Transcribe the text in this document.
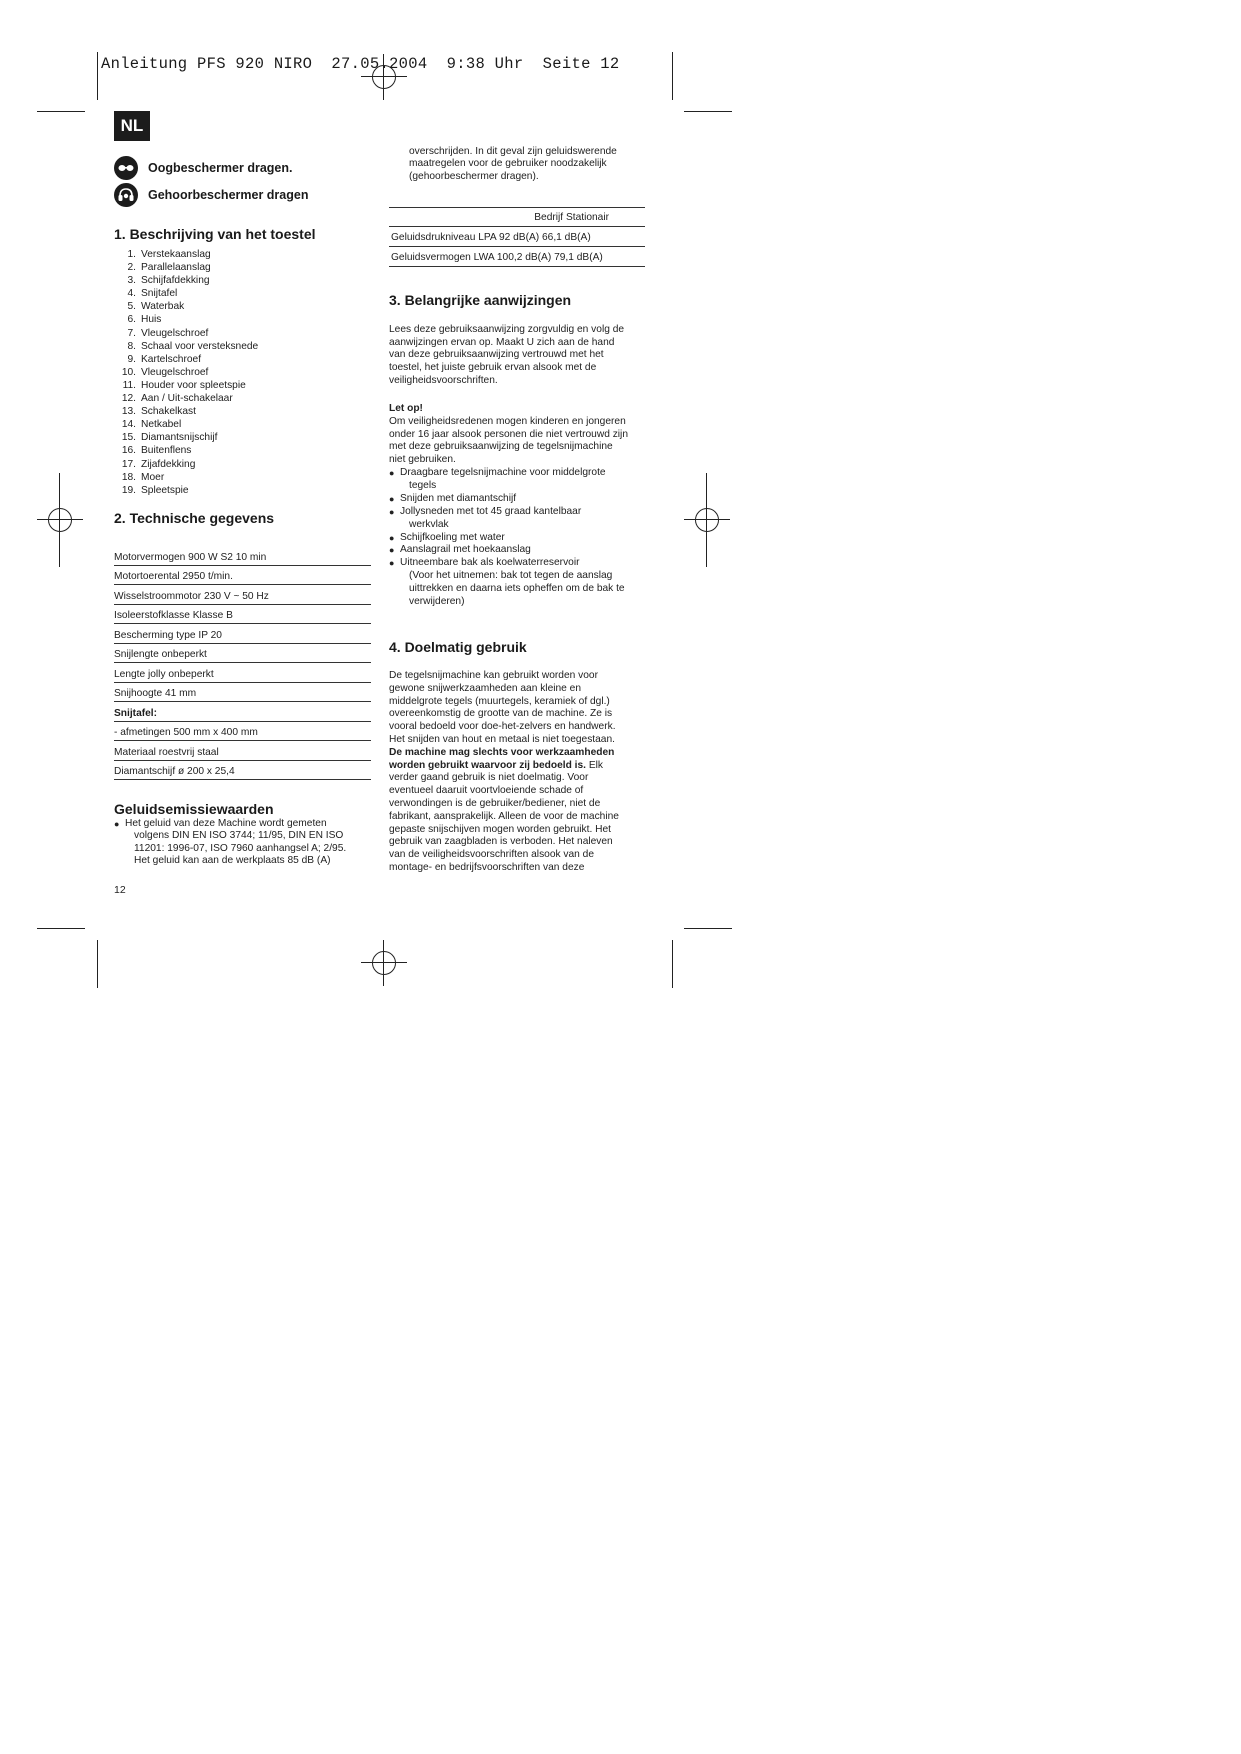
Anleitung PFS 920 NIRO  27.05.2004  9:38 Uhr  Seite 12
NL
Oogbeschermer dragen.
Gehoorbeschermer dragen
1. Beschrijving van het toestel
1. Verstekaanslag
2. Parallelaanslag
3. Schijfafdekking
4. Snijtafel
5. Waterbak
6. Huis
7. Vleugelschroef
8. Schaal voor versteksnede
9. Kartelschroef
10. Vleugelschroef
11. Houder voor spleetspie
12. Aan / Uit-schakelaar
13. Schakelkast
14. Netkabel
15. Diamantsnijschijf
16. Buitenflens
17. Zijafdekking
18. Moer
19. Spleetspie
2. Technische gegevens
Motorvermogen 900 W S2 10 min
Motortoerental 2950 t/min.
Wisselstroommotor 230 V ~ 50 Hz
Isoleerstofklasse Klasse B
Bescherming type IP 20
Snijlengte onbeperkt
Lengte jolly onbeperkt
Snijhoogte 41 mm
Snijtafel:
- afmetingen 500 mm x 400 mm
Materiaal roestvrij staal
Diamantschijf ø 200 x 25,4
Geluidsemissiewaarden
● Het geluid van deze Machine wordt gemeten
volgens DIN EN ISO 3744; 11/95, DIN EN ISO
11201: 1996-07, ISO 7960 aanhangsel A; 2/95.
Het geluid kan aan de werkplaats 85 dB (A)
overschrijden. In dit geval zijn geluidswerende
maatregelen voor de gebruiker noodzakelijk
(gehoorbeschermer dragen).
Bedrijf Stationair
Geluidsdrukniveau LPA 92 dB(A) 66,1 dB(A)
Geluidsvermogen LWA 100,2 dB(A) 79,1 dB(A)
3. Belangrijke aanwijzingen
Lees deze gebruiksaanwijzing zorgvuldig en volg de
aanwijzingen ervan op. Maakt U zich aan de hand
van deze gebruiksaanwijzing vertrouwd met het
toestel, het juiste gebruik ervan alsook met de
veiligheidsvoorschriften.
Let op!
Om veiligheidsredenen mogen kinderen en jongeren
onder 16 jaar alsook personen die niet vertrouwd zijn
met deze gebruiksaanwijzing de tegelsnijmachine
niet gebruiken.
● Draagbare tegelsnijmachine voor middelgrote
tegels
● Snijden met diamantschijf
● Jollysneden met tot 45 graad kantelbaar
werkvlak
● Schijfkoeling met water
● Aanslagrail met hoekaanslag
● Uitneembare bak als koelwaterreservoir
(Voor het uitnemen: bak tot tegen de aanslag
uittrekken en daarna iets opheffen om de bak te
verwijderen)
4. Doelmatig gebruik
De tegelsnijmachine kan gebruikt worden voor
gewone snijwerkzaamheden aan kleine en
middelgrote tegels (muurtegels, keramiek of dgl.)
overeenkomstig de grootte van de machine. Ze is
vooral bedoeld voor doe-het-zelvers en handwerk.
Het snijden van hout en metaal is niet toegestaan.
De machine mag slechts voor werkzaamheden
worden gebruikt waarvoor zij bedoeld is. Elk
verder gaand gebruik is niet doelmatig. Voor
eventueel daaruit voortvloeiende schade of
verwondingen is de gebruiker/bediener, niet de
fabrikant, aansprakelijk. Alleen de voor de machine
gepaste snijschijven mogen worden gebruikt. Het
gebruik van zaagbladen is verboden. Het naleven
van de veiligheidsvoorschriften alsook van de
montage- en bedrijfsvoorschriften van deze
12
